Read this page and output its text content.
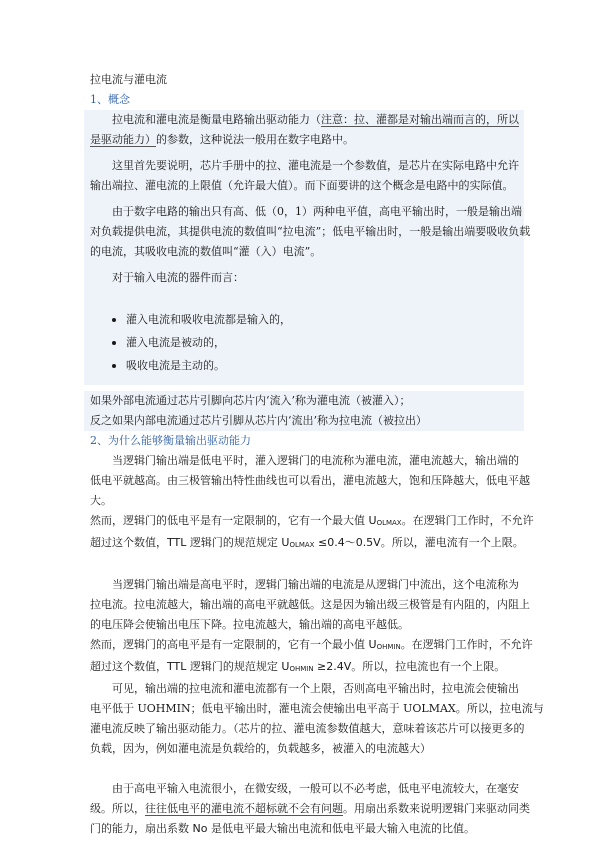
拉电流与灌电流

1、概念

拉电流和灌电流是衡量电路输出驱动能力（注意：拉、灌都是对输出端而言的，所以

是驱动能力）的参数，这种说法一般用在数字电路中。

这里首先要说明，芯片手册中的拉、灌电流是一个参数值，是芯片在实际电路中允许

输出端拉、灌电流的上限值（允许最大值）。而下面要讲的这个概念是电路中的实际值。

由于数字电路的输出只有高、低（0，1）两种电平值，高电平输出时，一般是输出端

对负载提供电流，其提供电流的数值叫“拉电流”；低电平输出时，一般是输出端要吸收负载

的电流，其吸收电流的数值叫“灌（入）电流”。

对于输入电流的器件而言：

灌入电流和吸收电流都是输入的，
灌入电流是被动的，
吸收电流是主动的。

如果外部电流通过芯片引脚向芯片内‘流入’称为灌电流（被灌入）；

反之如果内部电流通过芯片引脚从芯片内‘流出’称为拉电流（被拉出）

2、为什么能够衡量输出驱动能力

当逻辑门输出端是低电平时，灌入逻辑门的电流称为灌电流，灌电流越大，输出端的

低电平就越高。由三极管输出特性曲线也可以看出，灌电流越大，饱和压降越大，低电平越

大。

然而，逻辑门的低电平是有一定限制的，它有一个最大值 UOLMAX。在逻辑门工作时，不允许

超过这个数值，TTL 逻辑门的规范规定 UOLMAX ≤0.4～0.5V。所以，灌电流有一个上限。

当逻辑门输出端是高电平时，逻辑门输出端的电流是从逻辑门中流出，这个电流称为

拉电流。拉电流越大，输出端的高电平就越低。这是因为输出级三极管是有内阻的，内阻上

的电压降会使输出电压下降。拉电流越大，输出端的高电平越低。

然而，逻辑门的高电平是有一定限制的，它有一个最小值 UOHMIN。在逻辑门工作时，不允许

超过这个数值，TTL 逻辑门的规范规定 UOHMIN ≥2.4V。所以，拉电流也有一个上限。

可见，输出端的拉电流和灌电流都有一个上限，否则高电平输出时，拉电流会使输出

电平低于 UOHMIN；低电平输出时，灌电流会使输出电平高于 UOLMAX。所以，拉电流与

灌电流反映了输出驱动能力。（芯片的拉、灌电流参数值越大，意味着该芯片可以接更多的

负载，因为，例如灌电流是负载给的，负载越多，被灌入的电流越大）

由于高电平输入电流很小，在微安级，一般可以不必考虑，低电平电流较大，在毫安

级。所以，往往低电平的灌电流不超标就不会有问题。用扇出系数来说明逻辑门来驱动同类

门的能力，扇出系数 No 是低电平最大输出电流和低电平最大输入电流的比值。
